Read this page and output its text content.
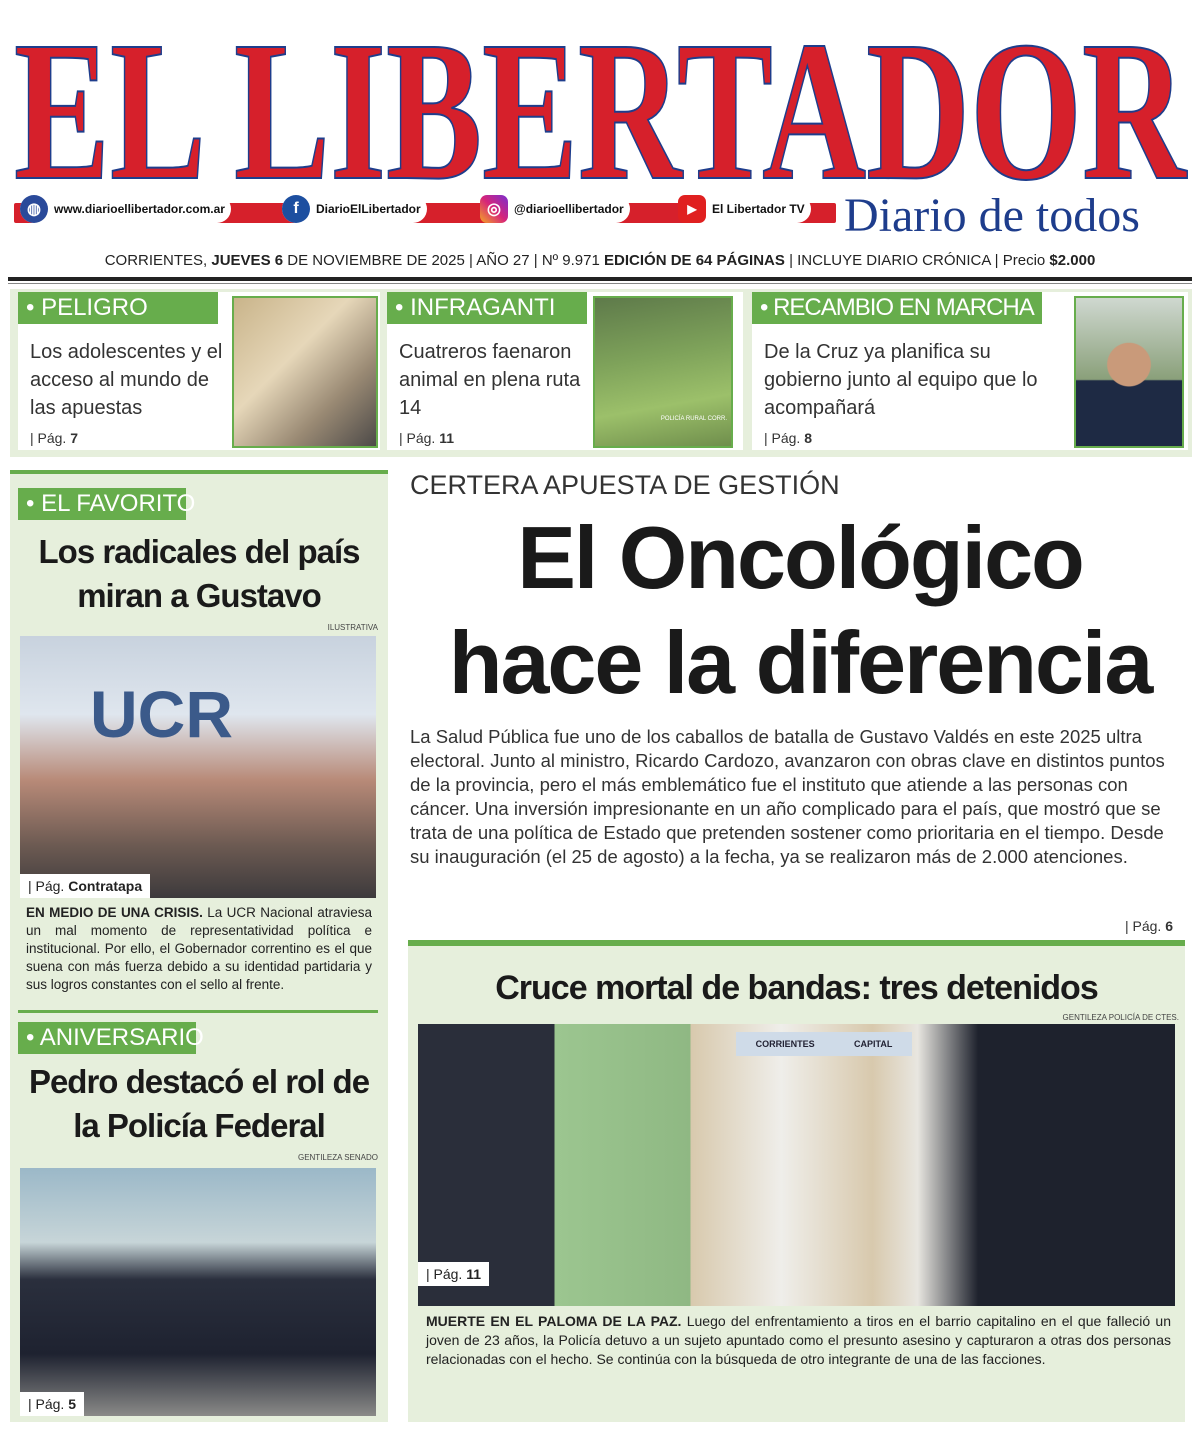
EL LIBERTADOR
◍	www.diarioellibertador.com.ar	f	DiarioElLibertador	◎	@diarioellibertador	▶	El Libertador TV Diario de todos
CORRIENTES, JUEVES 6 DE NOVIEMBRE DE 2025 | AÑO 27 | Nº 9.971 EDICIÓN DE 64 PÁGINAS | INCLUYE DIARIO CRÓNICA | Precio $2.000
• PELIGRO
Los adolescentes y el acceso al mundo de las apuestas
| Pág. 7
• INFRAGANTI
Cuatreros faenaron animal en plena ruta 14
| Pág. 11
POLICÍA RURAL CORR.
• RECAMBIO EN MARCHA
De la Cruz ya planifica su gobierno junto al equipo que lo acompañará
| Pág. 8
• EL FAVORITO
Los radicales del país miran a Gustavo
ILUSTRATIVA
UCR
| Pág. Contratapa
EN MEDIO DE UNA CRISIS. La UCR Nacional atraviesa un mal momento de representatividad política e institucional. Por ello, el Gobernador correntino es el que suena con más fuerza debido a su identidad partidaria y sus logros constantes con el sello al frente.
• ANIVERSARIO
Pedro destacó el rol de la Policía Federal
GENTILEZA SENADO
| Pág. 5
CERTERA APUESTA DE GESTIÓN
El Oncológico
hace la diferencia
La Salud Pública fue uno de los caballos de batalla de Gustavo Valdés en este 2025 ultra electoral. Junto al ministro, Ricardo Cardozo, avanzaron con obras clave en distintos puntos de la provincia, pero el más emblemático fue el instituto que atiende a las personas con cáncer. Una inversión impresionante en un año complicado para el país, que mostró que se trata de una política de Estado que pretenden sostener como prioritaria en el tiempo. Desde su inauguración (el 25 de agosto) a la fecha, ya se realizaron más de 2.000 atenciones.
| Pág. 6
Cruce mortal de bandas: tres detenidos
GENTILEZA POLICÍA DE CTES.
CORRIENTES	CAPITAL
| Pág. 11
MUERTE EN EL PALOMA DE LA PAZ. Luego del enfrentamiento a tiros en el barrio capitalino en el que falleció un joven de 23 años, la Policía detuvo a un sujeto apuntado como el presunto asesino y capturaron a otras dos personas relacionadas con el hecho. Se continúa con la búsqueda de otro integrante de una de las facciones.
